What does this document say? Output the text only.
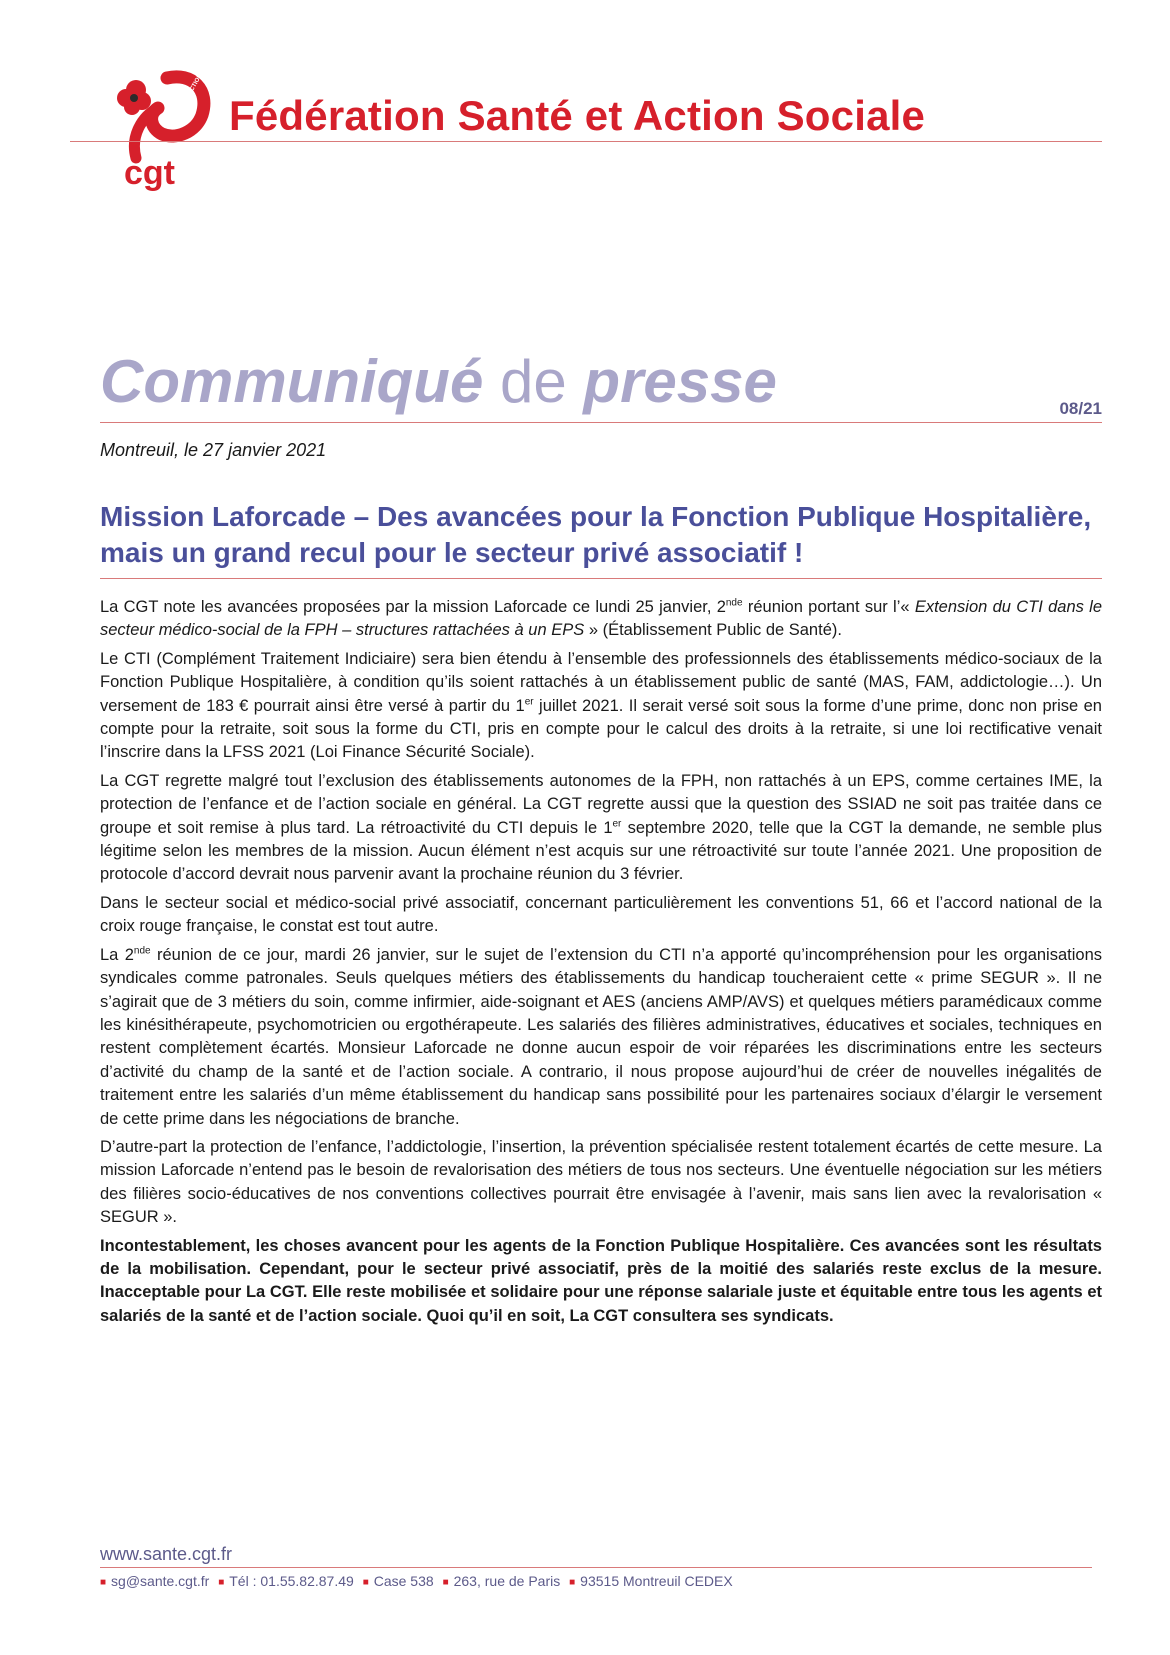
SANTÉ ET ACTION SOCIALE
cgt
Fédération Santé et Action Sociale
Communiqué de presse	08/21
Montreuil, le 27 janvier 2021
Mission Laforcade – Des avancées pour la Fonction Publique Hospitalière, mais un grand recul pour le secteur privé associatif !

La CGT note les avancées proposées par la mission Laforcade ce lundi 25 janvier, 2nde réunion portant sur l’« Extension du CTI dans le secteur médico-social de la FPH – structures rattachées à un EPS » (Établissement Public de Santé).

Le CTI (Complément Traitement Indiciaire) sera bien étendu à l’ensemble des professionnels des établissements médico-sociaux de la Fonction Publique Hospitalière, à condition qu’ils soient rattachés à un établissement public de santé (MAS, FAM, addictologie…). Un versement de 183 € pourrait ainsi être versé à partir du 1er juillet 2021. Il serait versé soit sous la forme d’une prime, donc non prise en compte pour la retraite, soit sous la forme du CTI, pris en compte pour le calcul des droits à la retraite, si une loi rectificative venait l’inscrire dans la LFSS 2021 (Loi Finance Sécurité Sociale).

La CGT regrette malgré tout l’exclusion des établissements autonomes de la FPH, non rattachés à un EPS, comme certaines IME, la protection de l’enfance et de l’action sociale en général. La CGT regrette aussi que la question des SSIAD ne soit pas traitée dans ce groupe et soit remise à plus tard. La rétroactivité du CTI depuis le 1er septembre 2020, telle que la CGT la demande, ne semble plus légitime selon les membres de la mission. Aucun élément n’est acquis sur une rétroactivité sur toute l’année 2021. Une proposition de protocole d’accord devrait nous parvenir avant la prochaine réunion du 3 février.

Dans le secteur social et médico-social privé associatif, concernant particulièrement les conventions 51, 66 et l’accord national de la croix rouge française, le constat est tout autre.

La 2nde réunion de ce jour, mardi 26 janvier, sur le sujet de l’extension du CTI n’a apporté qu’incompréhension pour les organisations syndicales comme patronales. Seuls quelques métiers des établissements du handicap toucheraient cette « prime SEGUR ». Il ne s’agirait que de 3 métiers du soin, comme infirmier, aide-soignant et AES (anciens AMP/AVS) et quelques métiers paramédicaux comme les kinésithérapeute, psychomotricien ou ergothérapeute. Les salariés des filières administratives, éducatives et sociales, techniques en restent complètement écartés. Monsieur Laforcade ne donne aucun espoir de voir réparées les discriminations entre les secteurs d’activité du champ de la santé et de l’action sociale. A contrario, il nous propose aujourd’hui de créer de nouvelles inégalités de traitement entre les salariés d’un même établissement du handicap sans possibilité pour les partenaires sociaux d’élargir le versement de cette prime dans les négociations de branche.

D’autre-part la protection de l’enfance, l’addictologie, l’insertion, la prévention spécialisée restent totalement écartés de cette mesure. La mission Laforcade n’entend pas le besoin de revalorisation des métiers de tous nos secteurs. Une éventuelle négociation sur les métiers des filières socio-éducatives de nos conventions collectives pourrait être envisagée à l’avenir, mais sans lien avec la revalorisation « SEGUR ».

Incontestablement, les choses avancent pour les agents de la Fonction Publique Hospitalière. Ces avancées sont les résultats de la mobilisation. Cependant, pour le secteur privé associatif, près de la moitié des salariés reste exclus de la mesure. Inacceptable pour La CGT. Elle reste mobilisée et solidaire pour une réponse salariale juste et équitable entre tous les agents et salariés de la santé et de l’action sociale. Quoi qu’il en soit, La CGT consultera ses syndicats.

www.sante.cgt.fr
■ sg@sante.cgt.fr ■ Tél : 01.55.82.87.49 ■ Case 538 ■ 263, rue de Paris ■ 93515 Montreuil CEDEX
